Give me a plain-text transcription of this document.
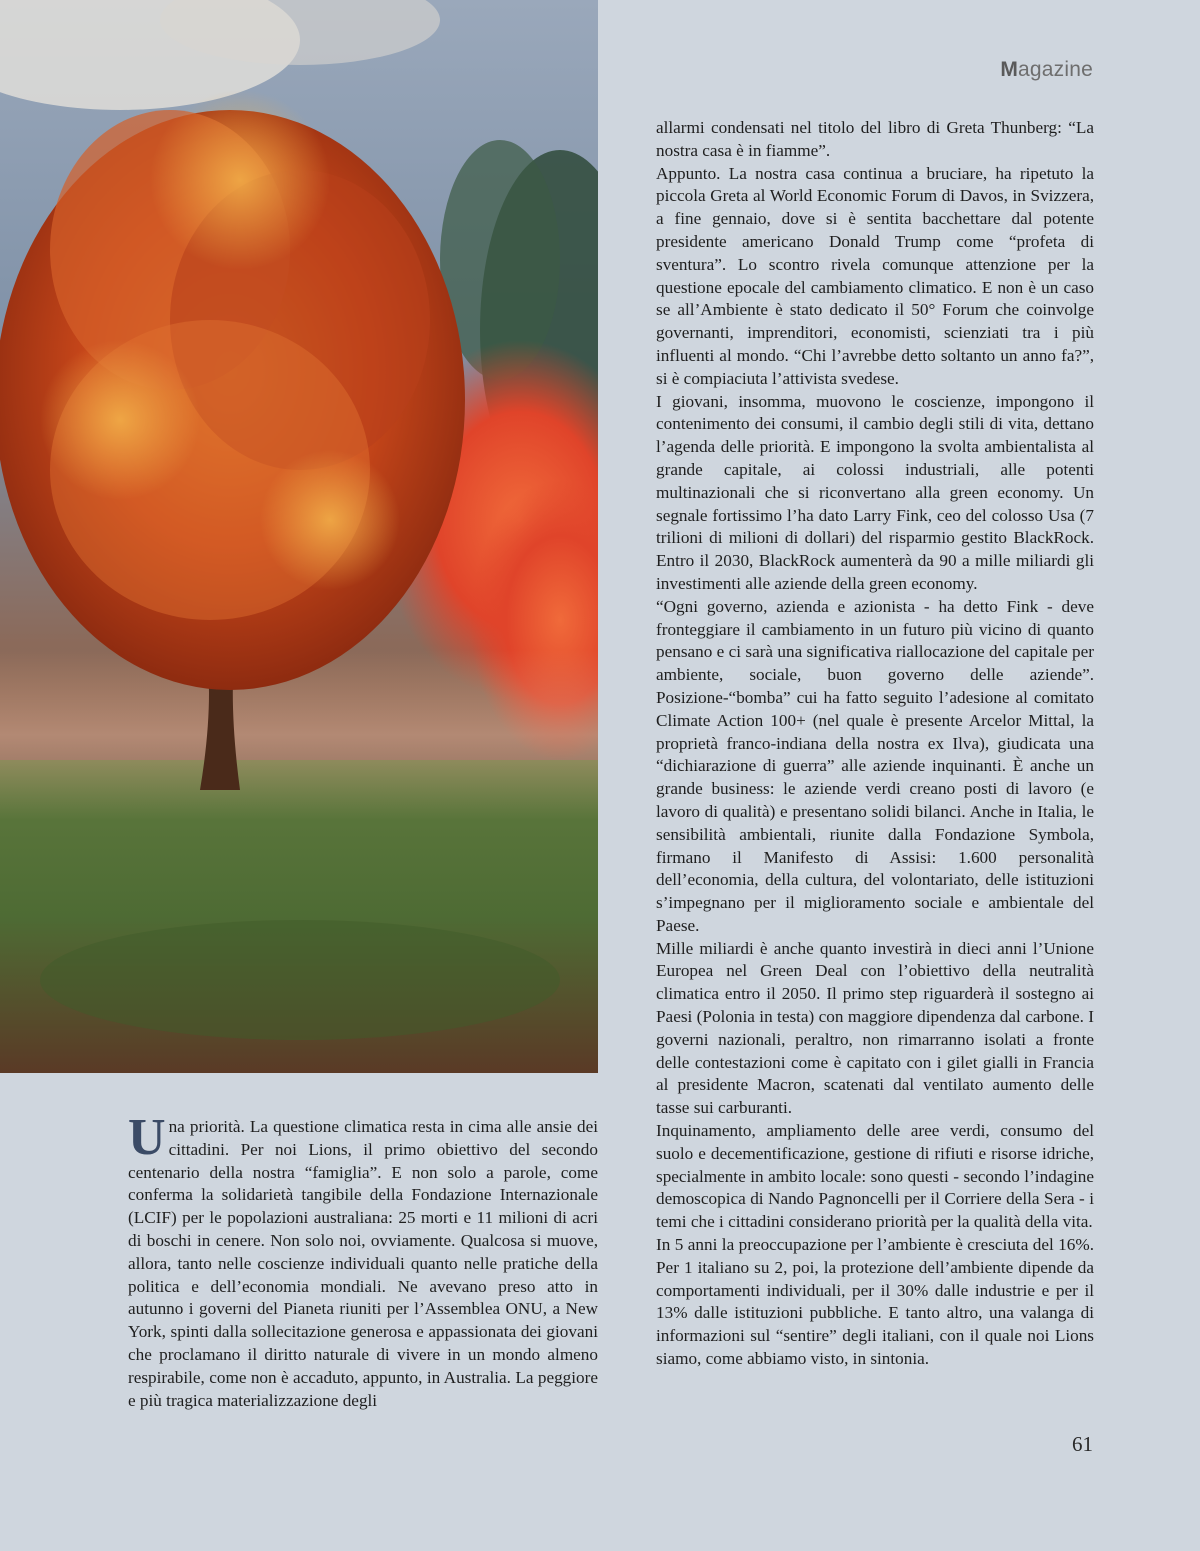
Magazine

Una priorità. La questione climatica resta in cima alle ansie dei cittadini. Per noi Lions, il primo obiettivo del secondo centenario della nostra “famiglia”. E non solo a parole, come conferma la solidarietà tangibile della Fondazione Internazionale (LCIF) per le popolazioni australiana: 25 morti e 11 milioni di acri di boschi in cenere. Non solo noi, ovviamente. Qualcosa si muove, allora, tanto nelle coscienze individuali quanto nelle pratiche della politica e dell’economia mondiali. Ne avevano preso atto in autunno i governi del Pianeta riuniti per l’Assemblea ONU, a New York, spinti dalla sollecitazione generosa e appassionata dei giovani che proclamano il diritto naturale di vivere in un mondo almeno respirabile, come non è accaduto, appunto, in Australia. La peggiore e più tragica materializzazione degli

allarmi condensati nel titolo del libro di Greta Thunberg: “La nostra casa è in fiamme”.

Appunto. La nostra casa continua a bruciare, ha ripetuto la piccola Greta al World Economic Forum di Davos, in Svizzera, a fine gennaio, dove si è sentita bacchettare dal potente presidente americano Donald Trump come “profeta di sventura”. Lo scontro rivela comunque attenzione per la questione epocale del cambiamento climatico. E non è un caso se all’Ambiente è stato dedicato il 50° Forum che coinvolge governanti, imprenditori, economisti, scienziati tra i più influenti al mondo. “Chi l’avrebbe detto soltanto un anno fa?”, si è compiaciuta l’attivista svedese.

I giovani, insomma, muovono le coscienze, impongono il contenimento dei consumi, il cambio degli stili di vita, dettano l’agenda delle priorità. E impongono la svolta ambientalista al grande capitale, ai colossi industriali, alle potenti multinazionali che si riconvertano alla green economy. Un segnale fortissimo l’ha dato Larry Fink, ceo del colosso Usa (7 trilioni di milioni di dollari) del risparmio gestito BlackRock. Entro il 2030, BlackRock aumenterà da 90 a mille miliardi gli investimenti alle aziende della green economy.

“Ogni governo, azienda e azionista - ha detto Fink - deve fronteggiare il cambiamento in un futuro più vicino di quanto pensano e ci sarà una significativa riallocazione del capitale per ambiente, sociale, buon governo delle aziende”. Posizione-“bomba” cui ha fatto seguito l’adesione al comitato Climate Action 100+ (nel quale è presente Arcelor Mittal, la proprietà franco-indiana della nostra ex Ilva), giudicata una “dichiarazione di guerra” alle aziende inquinanti. È anche un grande business: le aziende verdi creano posti di lavoro (e lavoro di qualità) e presentano solidi bilanci. Anche in Italia, le sensibilità ambientali, riunite dalla Fondazione Symbola, firmano il Manifesto di Assisi: 1.600 personalità dell’economia, della cultura, del volontariato, delle istituzioni s’impegnano per il miglioramento sociale e ambientale del Paese.

Mille miliardi è anche quanto investirà in dieci anni l’Unione Europea nel Green Deal con l’obiettivo della neutralità climatica entro il 2050. Il primo step riguarderà il sostegno ai Paesi (Polonia in testa) con maggiore dipendenza dal carbone. I governi nazionali, peraltro, non rimarranno isolati a fronte delle contestazioni come è capitato con i gilet gialli in Francia al presidente Macron, scatenati dal ventilato aumento delle tasse sui carburanti.

Inquinamento, ampliamento delle aree verdi, consumo del suolo e decementificazione, gestione di rifiuti e risorse idriche, specialmente in ambito locale: sono questi - secondo l’indagine demoscopica di Nando Pagnoncelli per il Corriere della Sera - i temi che i cittadini considerano priorità per la qualità della vita.

In 5 anni la preoccupazione per l’ambiente è cresciuta del 16%. Per 1 italiano su 2, poi, la protezione dell’ambiente dipende da comportamenti individuali, per il 30% dalle industrie e per il 13% dalle istituzioni pubbliche. E tanto altro, una valanga di informazioni sul “sentire” degli italiani, con il quale noi Lions siamo, come abbiamo visto, in sintonia.

61
